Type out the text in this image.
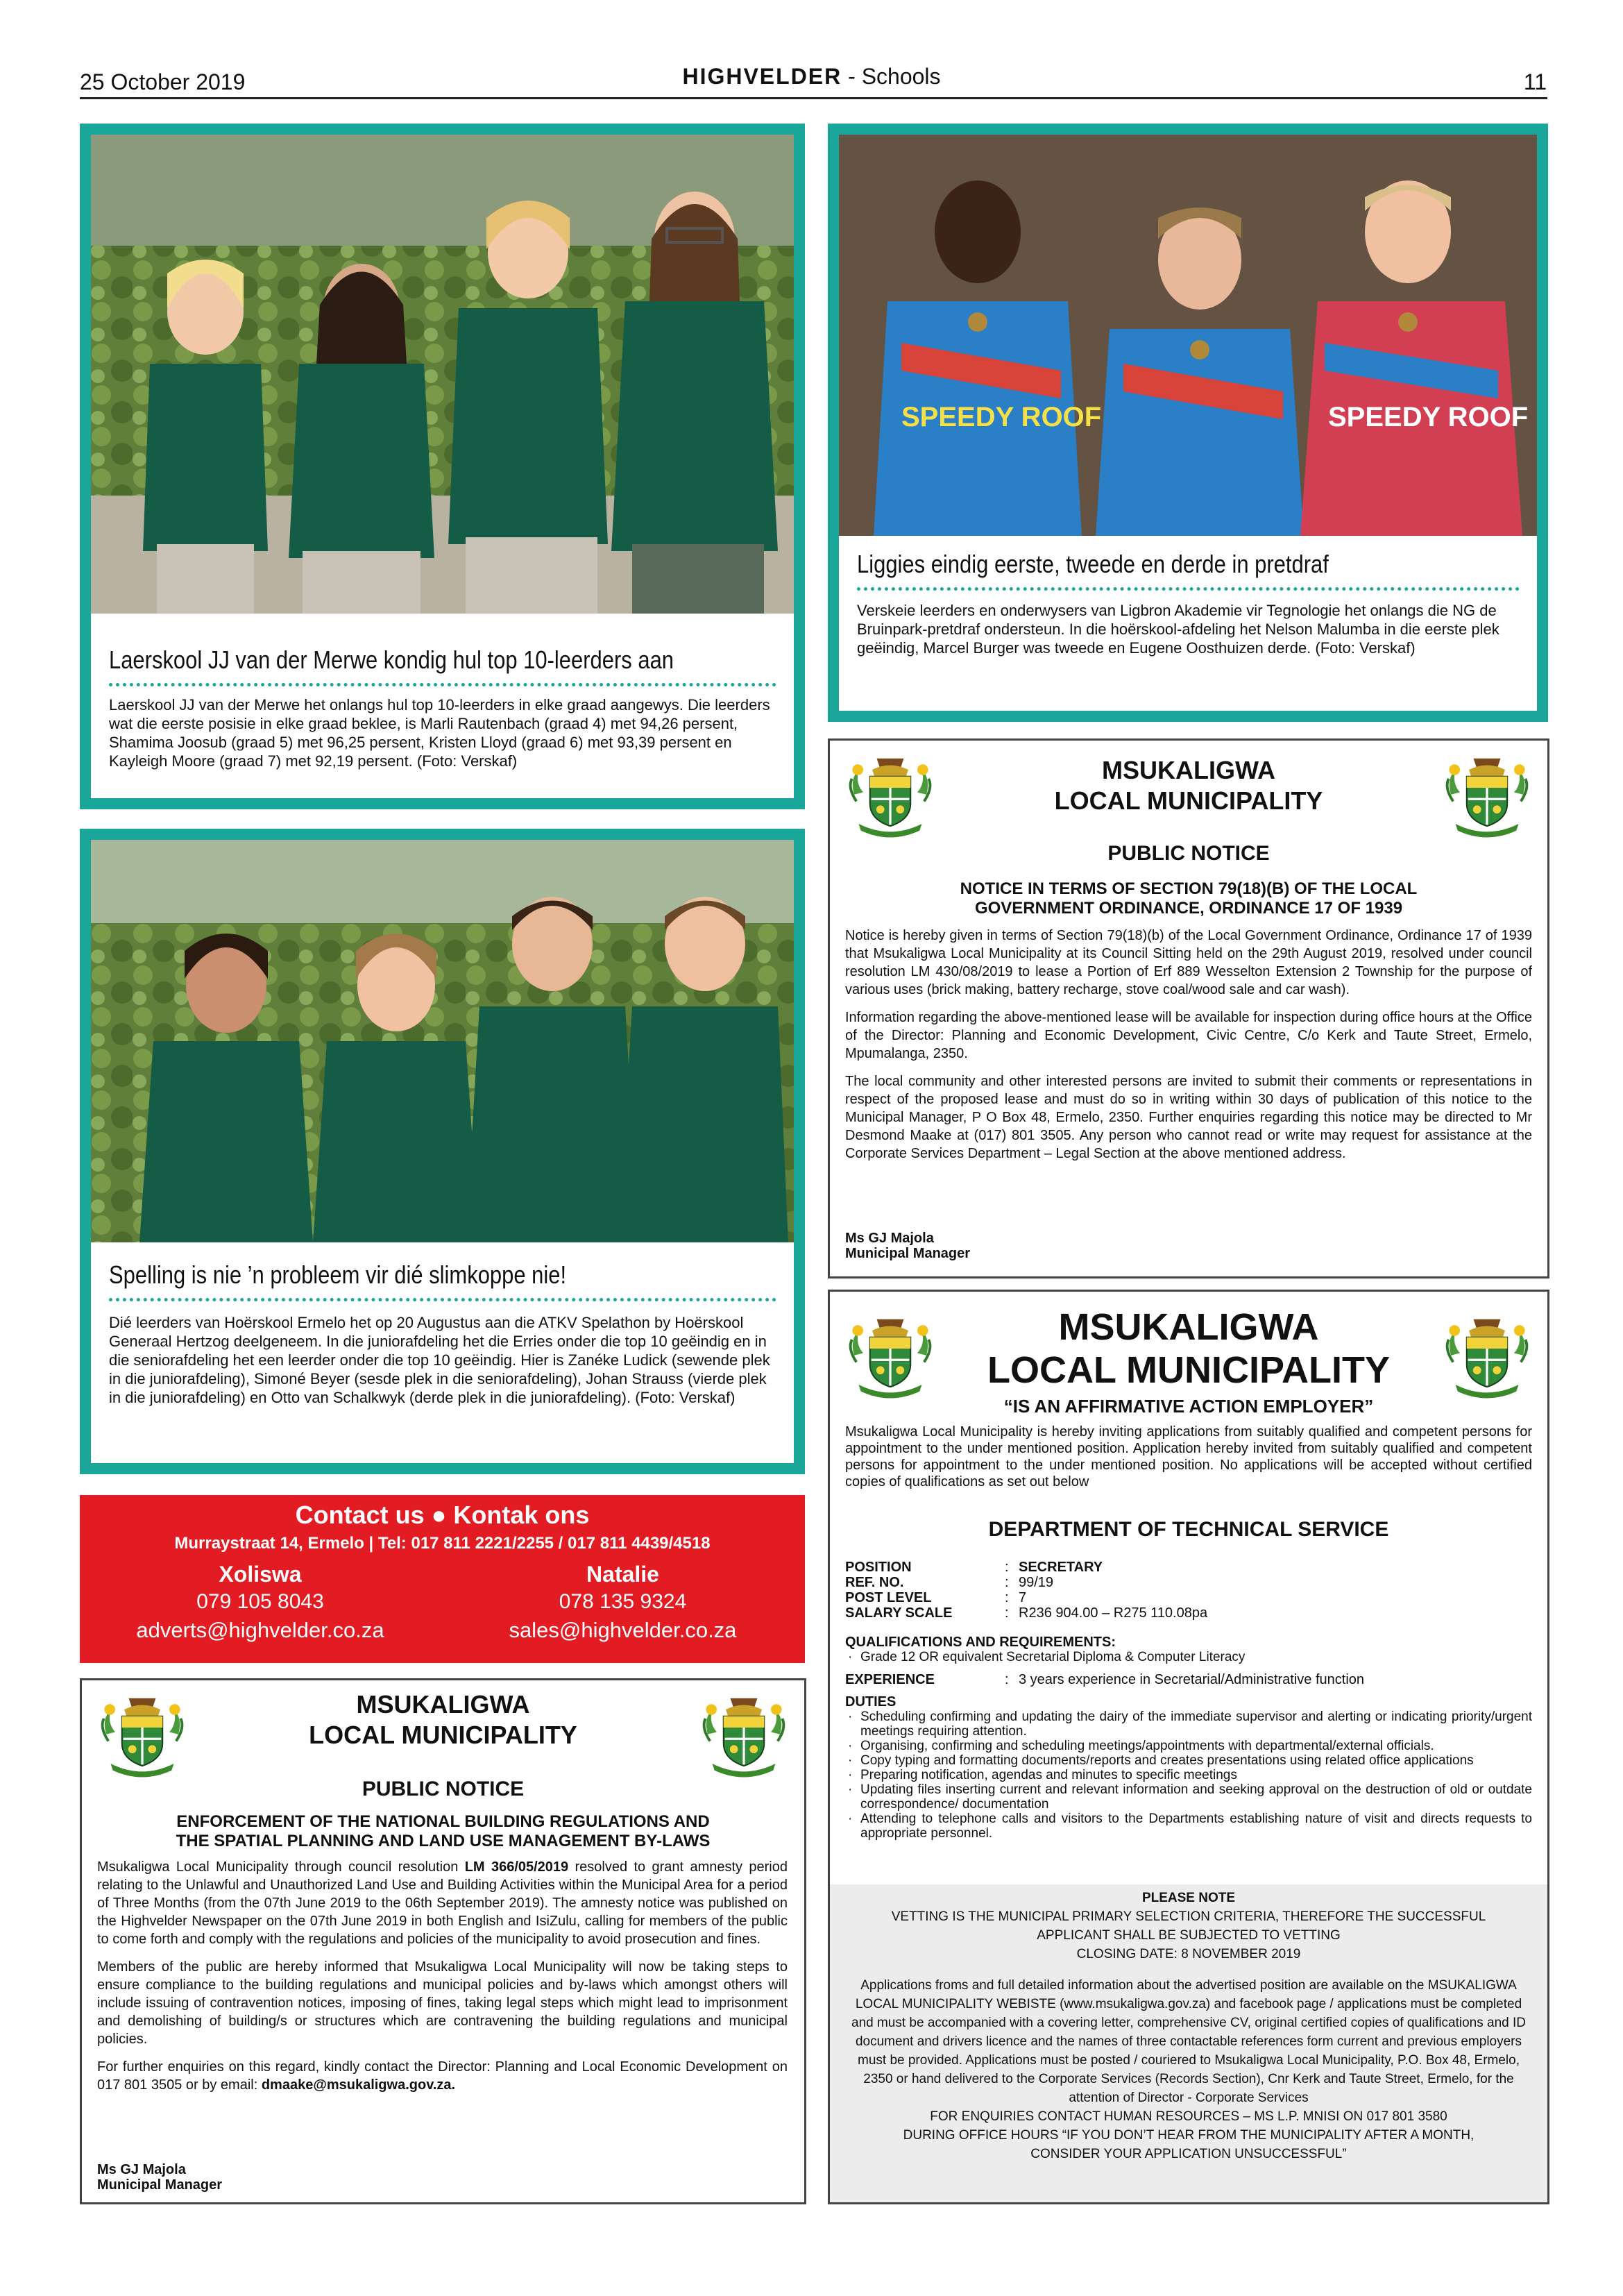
25 October 2019	HIGHVELDER - Schools	11
Laerskool JJ van der Merwe kondig hul top 10-leerders aan
Laerskool JJ van der Merwe het onlangs hul top 10-leerders in elke graad aangewys. Die leerders wat die eerste posisie in elke graad beklee, is Marli Rautenbach (graad 4) met 94,26 persent, Shamima Joosub (graad 5) met 96,25 persent, Kristen Lloyd (graad 6) met 93,39 persent en Kayleigh Moore (graad 7) met 92,19 persent. (Foto: Verskaf)
SPEEDY ROOF	SPEEDY ROOF
Liggies eindig eerste, tweede en derde in pretdraf
Verskeie leerders en onderwysers van Ligbron Akademie vir Tegnologie het onlangs die NG de Bruinpark-pretdraf ondersteun. In die hoërskool-afdeling het Nelson Malumba in die eerste plek geëindig, Marcel Burger was tweede en Eugene Oosthuizen derde. (Foto: Verskaf)
Spelling is nie ’n probleem vir dié slimkoppe nie!
Dié leerders van Hoërskool Ermelo het op 20 Augustus aan die ATKV Spelathon by Hoërskool Generaal Hertzog deelgeneem. In die juniorafdeling het die Erries onder die top 10 geëindig en in die seniorafdeling het een leerder onder die top 10 geëindig. Hier is Zanéke Ludick (sewende plek in die juniorafdeling), Simoné Beyer (sesde plek in die seniorafdeling), Johan Strauss (vierde plek in die juniorafdeling) en Otto van Schalkwyk (derde plek in die juniorafdeling). (Foto: Verskaf)
Contact us ● Kontak ons
Murraystraat 14, Ermelo | Tel: 017 811 2221/2255 / 017 811 4439/4518
Xoliswa
079 105 8043
adverts@highvelder.co.za
Natalie
078 135 9324
sales@highvelder.co.za
MSUKALIGWA
LOCAL MUNICIPALITY
PUBLIC NOTICE
ENFORCEMENT OF THE NATIONAL BUILDING REGULATIONS AND
THE SPATIAL PLANNING AND LAND USE MANAGEMENT BY-LAWS

Msukaligwa Local Municipality through council resolution LM 366/05/2019 resolved to grant amnesty period relating to the Unlawful and Unauthorized Land Use and Building Activities within the Municipal Area for a period of Three Months (from the 07th June 2019 to the 06th September 2019). The amnesty notice was published on the Highvelder Newspaper on the 07th June 2019 in both English and IsiZulu, calling for members of the public to come forth and comply with the regulations and policies of the municipality to avoid prosecution and fines.

Members of the public are hereby informed that Msukaligwa Local Municipality will now be taking steps to ensure compliance to the building regulations and municipal policies and by-laws which amongst others will include issuing of contravention notices, imposing of fines, taking legal steps which might lead to imprisonment and demolishing of building/s or structures which are contravening the building regulations and municipal policies.

For further enquiries on this regard, kindly contact the Director: Planning and Local Economic Development on 017 801 3505 or by email: dmaake@msukaligwa.gov.za.

Ms GJ Majola
Municipal Manager
MSUKALIGWA
LOCAL MUNICIPALITY
PUBLIC NOTICE
NOTICE IN TERMS OF SECTION 79(18)(B) OF THE LOCAL
GOVERNMENT ORDINANCE, ORDINANCE 17 OF 1939

Notice is hereby given in terms of Section 79(18)(b) of the Local Government Ordinance, Ordinance 17 of 1939 that Msukaligwa Local Municipality at its Council Sitting held on the 29th August 2019, resolved under council resolution LM 430/08/2019 to lease a Portion of Erf 889 Wesselton Extension 2 Township for the purpose of various uses (brick making, battery recharge, stove coal/wood sale and car wash).

Information regarding the above-mentioned lease will be available for inspection during office hours at the Office of the Director: Planning and Economic Development, Civic Centre, C/o Kerk and Taute Street, Ermelo, Mpumalanga, 2350.

The local community and other interested persons are invited to submit their comments or representations in respect of the proposed lease and must do so in writing within 30 days of publication of this notice to the Municipal Manager, P O Box 48, Ermelo, 2350. Further enquiries regarding this notice may be directed to Mr Desmond Maake at (017) 801 3505. Any person who cannot read or write may request for assistance at the Corporate Services Department – Legal Section at the above mentioned address.

Ms GJ Majola
Municipal Manager
MSUKALIGWA
LOCAL MUNICIPALITY
“IS AN AFFIRMATIVE ACTION EMPLOYER”
Msukaligwa Local Municipality is hereby inviting applications from suitably qualified and competent persons for appointment to the under mentioned position. Application hereby invited from suitably qualified and competent persons for appointment to the under mentioned position. No applications will be accepted without certified copies of qualifications as set out below
DEPARTMENT OF TECHNICAL SERVICE
POSITION	: SECRETARY
REF. NO.	: 99/19
POST LEVEL	: 7
SALARY SCALE	: R236 904.00 – R275 110.08pa
QUALIFICATIONS AND REQUIREMENTS:
· Grade 12 OR equivalent Secretarial Diploma & Computer Literacy
EXPERIENCE	: 3 years experience in Secretarial/Administrative function
DUTIES
· Scheduling confirming and updating the dairy of the immediate supervisor and alerting or indicating priority/urgent meetings requiring attention.
· Organising, confirming and scheduling meetings/appointments with departmental/external officials.
· Copy typing and formatting documents/reports and creates presentations using related office applications
· Preparing notification, agendas and minutes to specific meetings
· Updating files inserting current and relevant information and seeking approval on the destruction of old or outdate correspondence/ documentation
· Attending to telephone calls and visitors to the Departments establishing nature of visit and directs requests to appropriate personnel.
PLEASE NOTE
VETTING IS THE MUNICIPAL PRIMARY SELECTION CRITERIA, THEREFORE THE SUCCESSFUL
APPLICANT SHALL BE SUBJECTED TO VETTING
CLOSING DATE: 8 NOVEMBER 2019
Applications froms and full detailed information about the advertised position are available on the MSUKALIGWA LOCAL MUNICIPALITY WEBISTE (www.msukaligwa.gov.za) and facebook page / applications must be completed and must be accompanied with a covering letter, comprehensive CV, original certified copies of qualifications and ID document and drivers licence and the names of three contactable references form current and previous employers must be provided. Applications must be posted / couriered to Msukaligwa Local Municipality, P.O. Box 48, Ermelo, 2350 or hand delivered to the Corporate Services (Records Section), Cnr Kerk and Taute Street, Ermelo, for the attention of Director - Corporate Services
FOR ENQUIRIES CONTACT HUMAN RESOURCES – MS L.P. MNISI ON 017 801 3580
DURING OFFICE HOURS “IF YOU DON’T HEAR FROM THE MUNICIPALITY AFTER A MONTH,
CONSIDER YOUR APPLICATION UNSUCCESSFUL”
